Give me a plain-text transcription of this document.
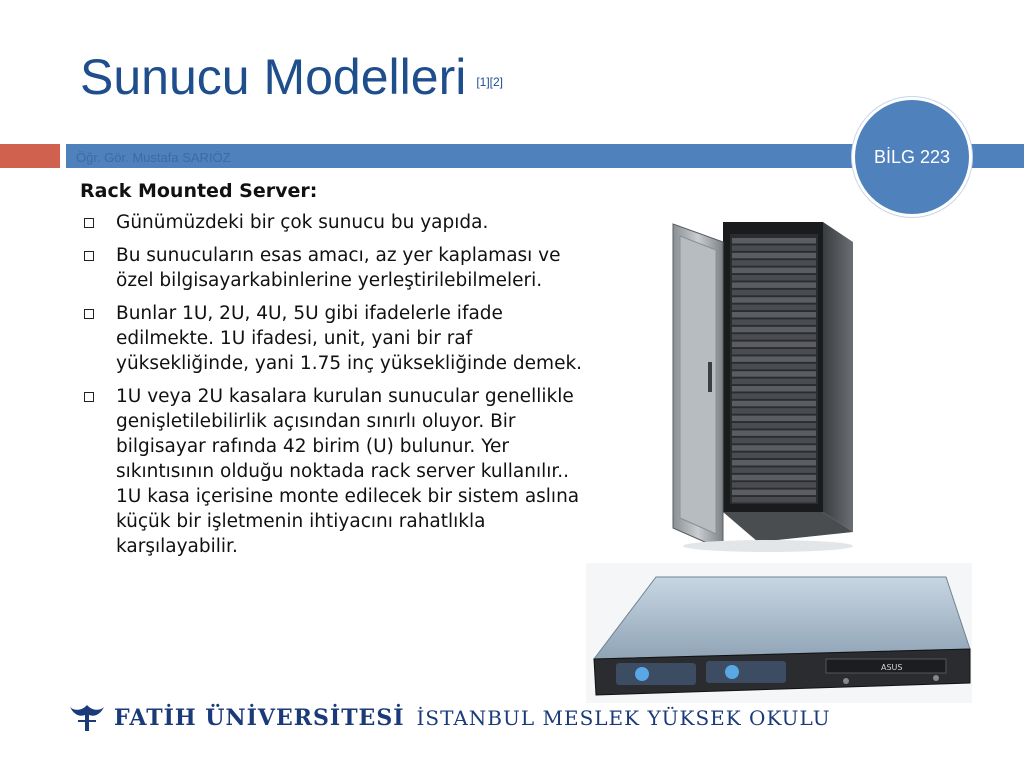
Sunucu Modelleri [1][2]
Öğr. Gör. Mustafa SARIÖZ	BİLG 223
Rack Mounted Server:
Günümüzdeki bir çok sunucu bu yapıda.
Bu sunucuların esas amacı, az yer kaplaması ve özel bilgisayarkabinlerine yerleştirilebilmeleri.
Bunlar 1U, 2U, 4U, 5U gibi ifadelerle ifade edilmekte. 1U ifadesi, unit, yani bir raf yüksekliğinde, yani 1.75 inç yüksekliğinde demek.
1U veya 2U kasalara kurulan sunucular genellikle genişletilebilirlik açısından sınırlı oluyor. Bir bilgisayar rafında 42 birim (U) bulunur. Yer sıkıntısının olduğu noktada rack server kullanılır.. 1U kasa içerisine monte edilecek bir sistem aslına küçük bir işletmenin ihtiyacını rahatlıkla karşılayabilir.
ASUS
FATİH ÜNİVERSİTESİ İSTANBUL MESLEK YÜKSEK OKULU
